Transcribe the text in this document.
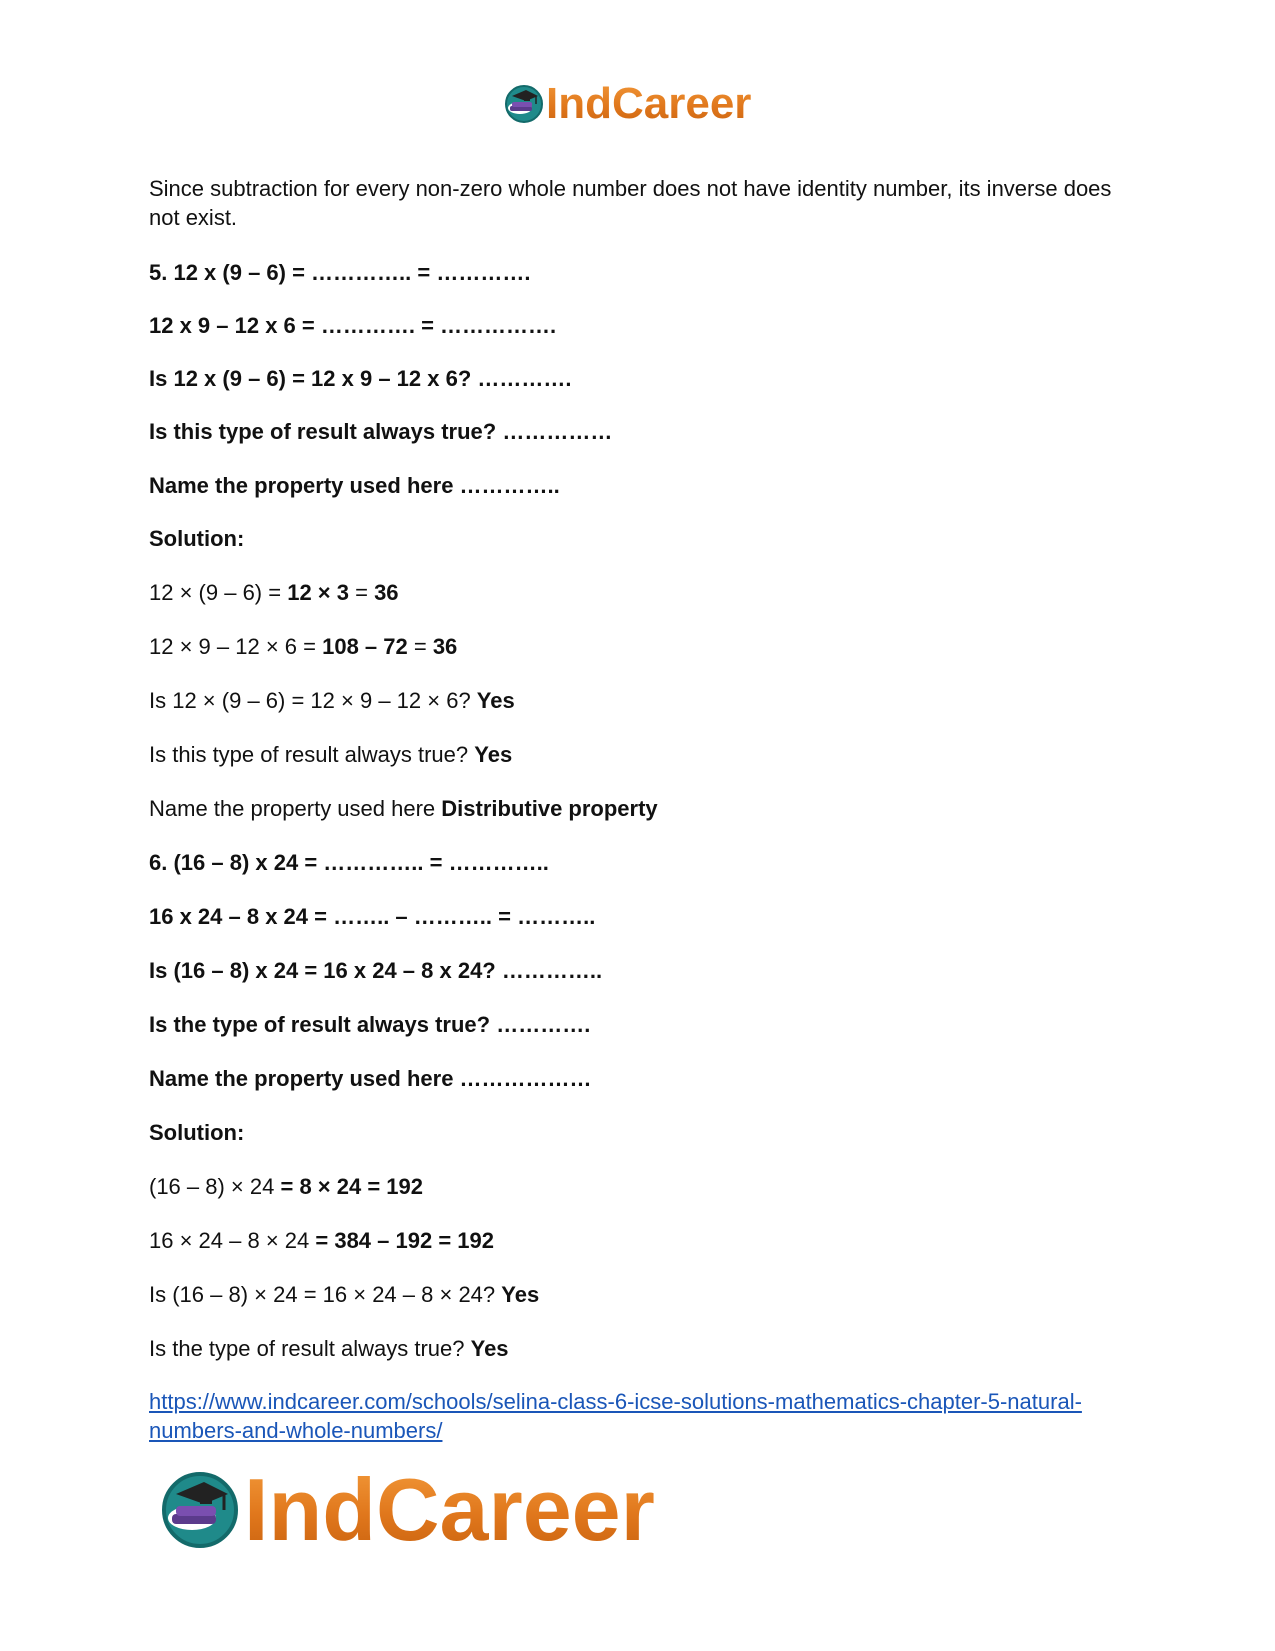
IndCareer

Since subtraction for every non-zero whole number does not have identity number, its inverse does not exist.

5. 12 x (9 – 6) = ………….. = ………….
12 x 9 – 12 x 6 = …………. = …………….
Is 12 x (9 – 6) = 12 x 9 – 12 x 6? ………….
Is this type of result always true? ……………
Name the property used here …………..
Solution:
12 × (9 – 6) = 12 × 3 = 36
12 × 9 – 12 × 6 = 108 – 72 = 36
Is 12 × (9 – 6) = 12 × 9 – 12 × 6? Yes
Is this type of result always true? Yes
Name the property used here Distributive property
6. (16 – 8) x 24 = ………….. = …………..
16 x 24 – 8 x 24 = …….. – ……….. = ………..
Is (16 – 8) x 24 = 16 x 24 – 8 x 24? …………..
Is the type of result always true? ………….
Name the property used here ………………
Solution:
(16 – 8) × 24 = 8 × 24 = 192
16 × 24 – 8 × 24 = 384 – 192 = 192
Is (16 – 8) × 24 = 16 × 24 – 8 × 24? Yes
Is the type of result always true? Yes
https://www.indcareer.com/schools/selina-class-6-icse-solutions-mathematics-chapter-5-natural-numbers-and-whole-numbers/
IndCareer
